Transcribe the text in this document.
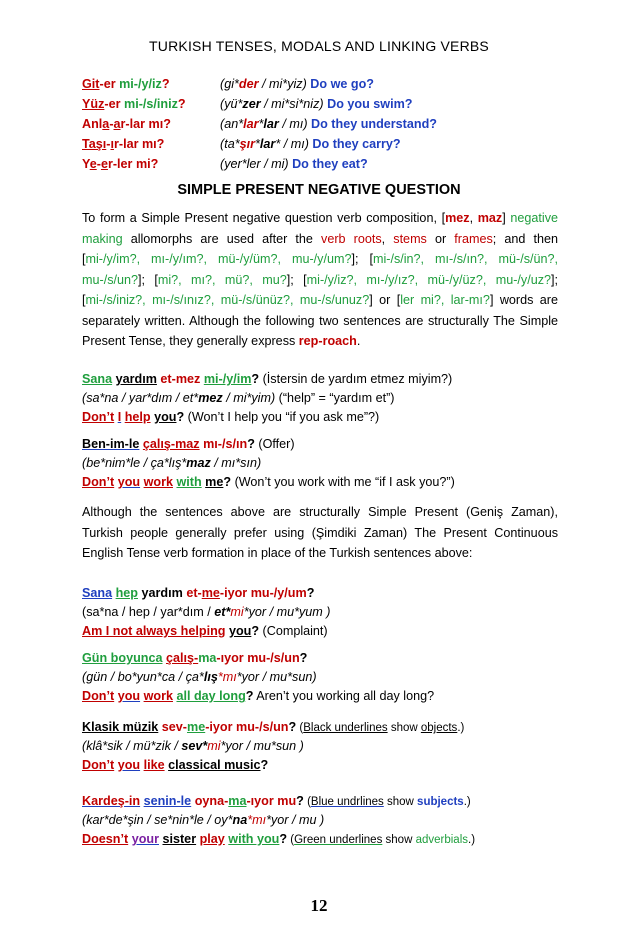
TURKISH TENSES, MODALS AND LINKING VERBS
Git-er mi-/y/iz?	(gi*der / mi*yiz) Do we go?
Yüz-er mi-/s/iniz?	(yü*zer / mi*si*niz) Do you swim?
Anla-ar-lar mı?	(an*lar*lar / mı) Do they understand?
Taşı-ır-lar mı?	(ta*şır*lar* / mı) Do they carry?
Ye-er-ler mi?	(yer*ler / mi) Do they eat?
SIMPLE PRESENT NEGATIVE QUESTION
To form a Simple Present negative question verb composition, [mez, maz] negative making allomorphs are used after the verb roots, stems or frames; and then [mi-/y/im?, mı-/y/ım?, mü-/y/üm?, mu-/y/um?]; [mi-/s/in?, mı-/s/ın?, mü-/s/ün?, mu-/s/un?]; [mi?, mı?, mü?, mu?]; [mi-/y/iz?, mı-/y/ız?, mü-/y/üz?, mu-/y/uz?]; [mi-/s/iniz?, mı-/s/ınız?, mü-/s/ünüz?, mu-/s/unuz?] or [ler mi?, lar-mı?] words are separately written. Although the following two sentences are structurally The Simple Present Tense, they generally express rep-roach.
Sana yardım et-mez mi-/y/im? (İstersin de yardım etmez miyim?)
(sa*na / yar*dım / et*mez / mi*yim) (“help” = “yardım et”)
Don’t I help you? (Won’t I help you “if you ask me”?)
Ben-im-le çalış-maz mı-/s/ın? (Offer)
(be*nim*le / ça*lış*maz / mı*sın)
Don’t you work with me? (Won’t you work with me “if I ask you?”)
Although the sentences above are structurally Simple Present (Geniş Zaman), Turkish people generally prefer using (Şimdiki Zaman) The Present Continuous English Tense verb formation in place of the Turkish sentences above:
Sana hep yardım et-me-iyor mu-/y/um?
(sa*na / hep / yar*dım / et*mi*yor / mu*yum )
Am I not always helping you? (Complaint)
Gün boyunca çalış-ma-ıyor mu-/s/un?
(gün / bo*yun*ca / ça*lış*mı*yor / mu*sun)
Don’t you work all day long? Aren’t you working all day long?
Klasik müzik sev-me-iyor mu-/s/un? (Black underlines show objects.)
(klâ*sik / mü*zik / sev*mi*yor / mu*sun )
Don’t you like classical music?
Kardeş-in senin-le oyna-ma-ıyor mu? (Blue undrlines show subjects.)
(kar*de*şin / se*nin*le / oy*na*mı*yor / mu )
Doesn’t your sister play with you? (Green underlines show adverbials.)
12
